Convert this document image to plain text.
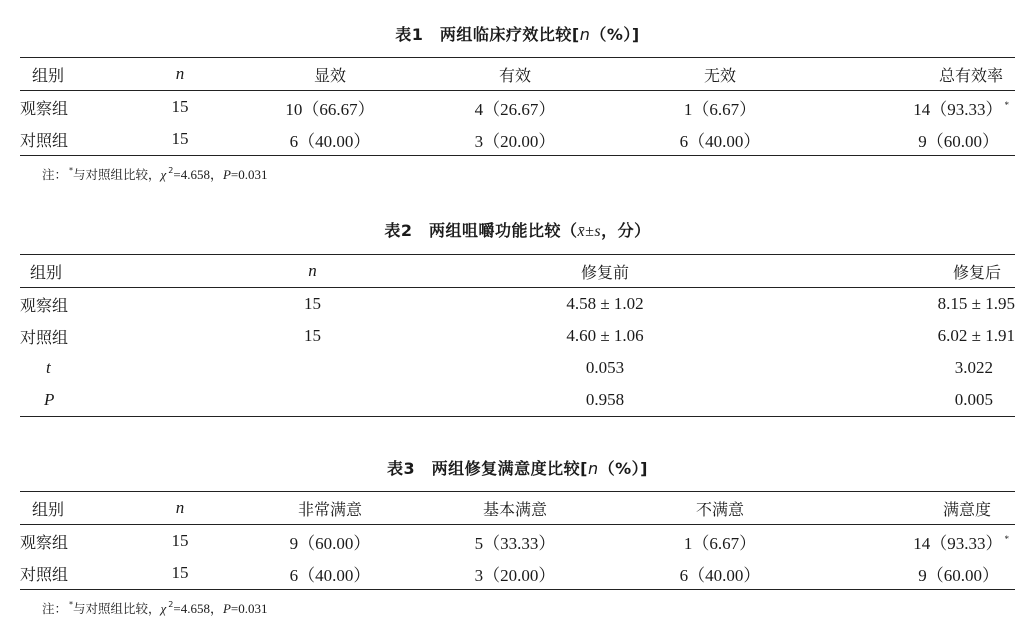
表1　两组临床疗效比较[n（%）]
组别	n	显效	有效	无效	总有效率
观察组	15	10（66.67）	4（26.67）	1（6.67）	14（93.33） *
对照组	15	6（40.00）	3（20.00）	6（40.00）	9（60.00）
注： *与对照组比较，χ $^2$=4.658，P=0.031
表2　两组咀嚼功能比较（x̄±s，分）
组别	n	修复前	修复后
观察组	15	4.58 ± 1.02	8.15 ± 1.95
对照组	15	4.60 ± 1.06	6.02 ± 1.91
t		0.053	3.022
P		0.958	0.005
表3　两组修复满意度比较[n（%）]
组别	n	非常满意	基本满意	不满意	满意度
观察组	15	9（60.00）	5（33.33）	1（6.67）	14（93.33） *
对照组	15	6（40.00）	3（20.00）	6（40.00）	9（60.00）
注： *与对照组比较，χ $^2$=4.658，P=0.031
